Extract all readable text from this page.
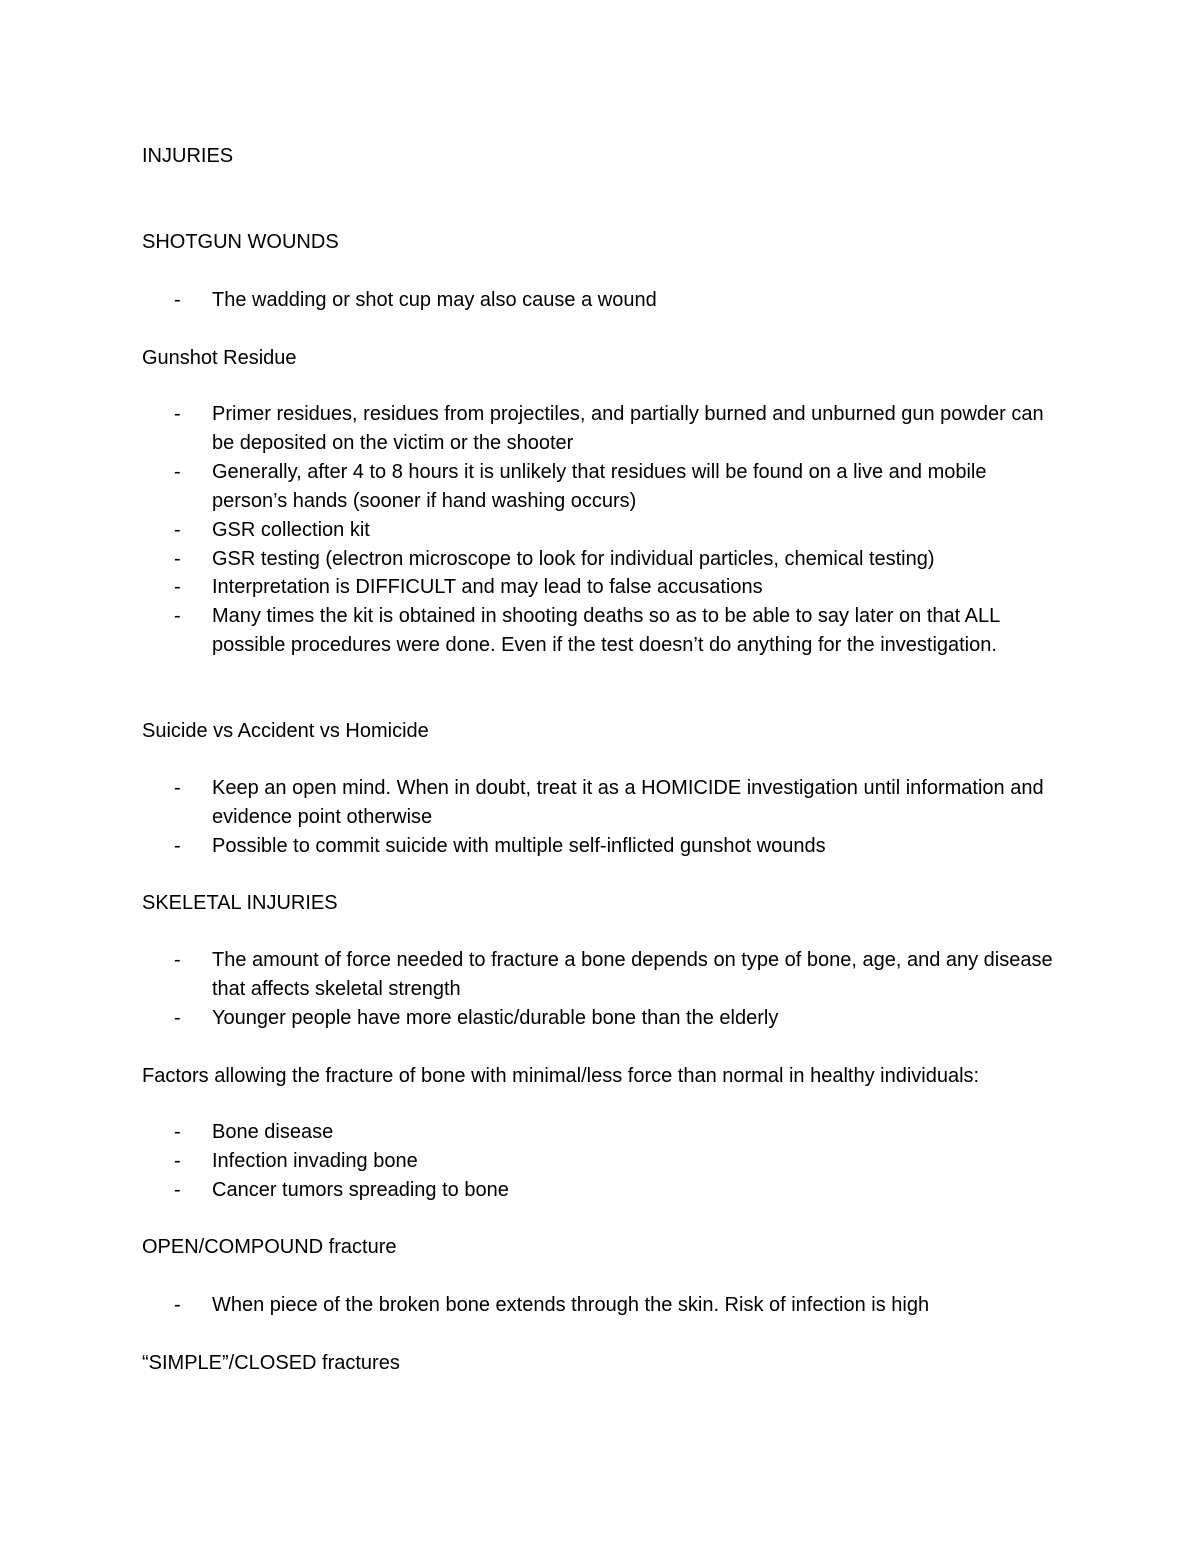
INJURIES
SHOTGUN WOUNDS
- The wadding or shot cup may also cause a wound
Gunshot Residue
- Primer residues, residues from projectiles, and partially burned and unburned gun powder can be deposited on the victim or the shooter
- Generally, after 4 to 8 hours it is unlikely that residues will be found on a live and mobile person’s hands (sooner if hand washing occurs)
- GSR collection kit
- GSR testing (electron microscope to look for individual particles, chemical testing)
- Interpretation is DIFFICULT and may lead to false accusations
- Many times the kit is obtained in shooting deaths so as to be able to say later on that ALL possible procedures were done. Even if the test doesn’t do anything for the investigation.
Suicide vs Accident vs Homicide
- Keep an open mind. When in doubt, treat it as a HOMICIDE investigation until information and evidence point otherwise
- Possible to commit suicide with multiple self-inflicted gunshot wounds
SKELETAL INJURIES
- The amount of force needed to fracture a bone depends on type of bone, age, and any disease that affects skeletal strength
- Younger people have more elastic/durable bone than the elderly
Factors allowing the fracture of bone with minimal/less force than normal in healthy individuals:
- Bone disease
- Infection invading bone
- Cancer tumors spreading to bone
OPEN/COMPOUND fracture
- When piece of the broken bone extends through the skin. Risk of infection is high
“SIMPLE”/CLOSED fractures
